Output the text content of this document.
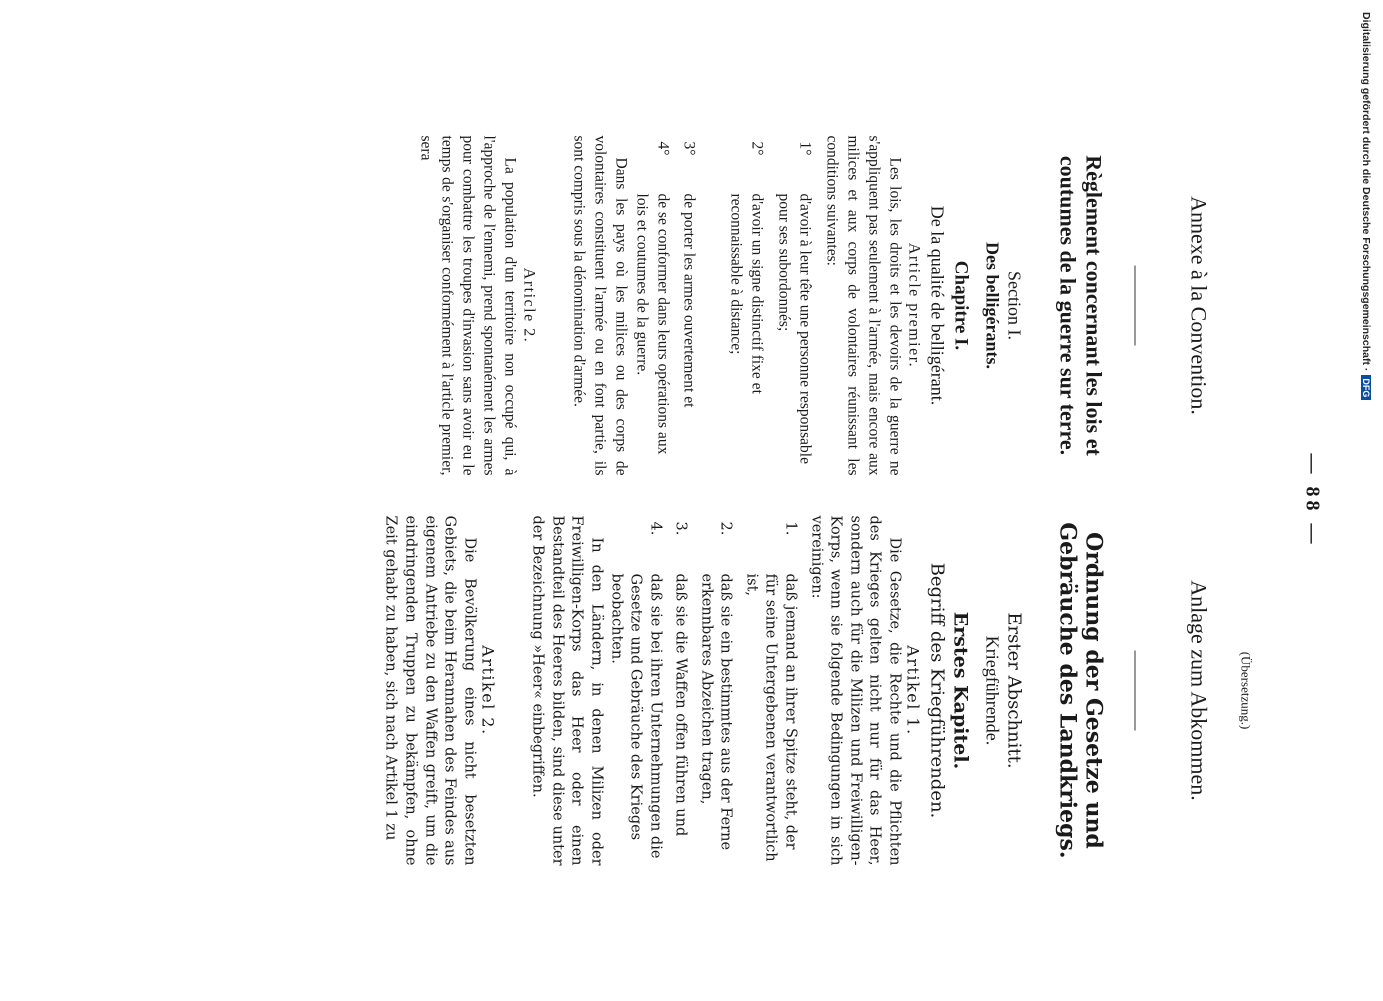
— 88 —
Annexe à la Convention.
Règlement concernant les lois et coutumes de la guerre sur terre.
Section I.
Des belligérants.
Chapitre I.
De la qualité de belligérant.
Article premier.

Les lois, les droits et les devoirs de la guerre ne s'appliquent pas seulement à l'armée, mais encore aux milices et aux corps de volontaires réunissant les conditions suivantes:

1°
d'avoir à leur tête une personne responsable pour ses subordonnés;
2°
d'avoir un signe distinctif fixe et reconnaissable à distance;
3°
de porter les armes ouvertement et
4°
de se conformer dans leurs opérations aux lois et coutumes de la guerre.

Dans les pays où les milices ou des corps de volontaires constituent l'armée ou en font partie, ils sont compris sous la dénomination d'armée.

Article 2.

La population d'un territoire non occupé qui, à l'approche de l'ennemi, prend spontanément les armes pour combattre les troupes d'invasion sans avoir eu le temps de s'organiser conformément à l'article premier, sera

(Übersetzung.)
Anlage zum Abkommen.
Ordnung der Gesetze und Gebräuche des Landkriegs.
Erster Abschnitt.
Kriegführende.
Erstes Kapitel.
Begriff des Kriegführenden.
Artikel 1.

Die Gesetze, die Rechte und die Pflichten des Krieges gelten nicht nur für das Heer, sondern auch für die Milizen und Freiwilligen-Korps, wenn sie folgende Bedingungen in sich vereinigen:

1.
daß jemand an ihrer Spitze steht, der für seine Untergebenen verantwortlich ist,
2.
daß sie ein bestimmtes aus der Ferne erkennbares Abzeichen tragen,
3.
daß sie die Waffen offen führen und
4.
daß sie bei ihren Unternehmungen die Gesetze und Gebräuche des Krieges beobachten.

In den Ländern, in denen Milizen oder Freiwilligen-Korps das Heer oder einen Bestandteil des Heeres bilden, sind diese unter der Bezeichnung »Heer« einbegriffen.

Artikel 2.

Die Bevölkerung eines nicht besetzten Gebiets, die beim Herannahen des Feindes aus eigenem Antriebe zu den Waffen greift, um die eindringenden Truppen zu bekämpfen, ohne Zeit gehabt zu haben, sich nach Artikel 1 zu

Digitalisierung gefördert durch die Deutsche Forschungsgemeinschaft ·DFG
